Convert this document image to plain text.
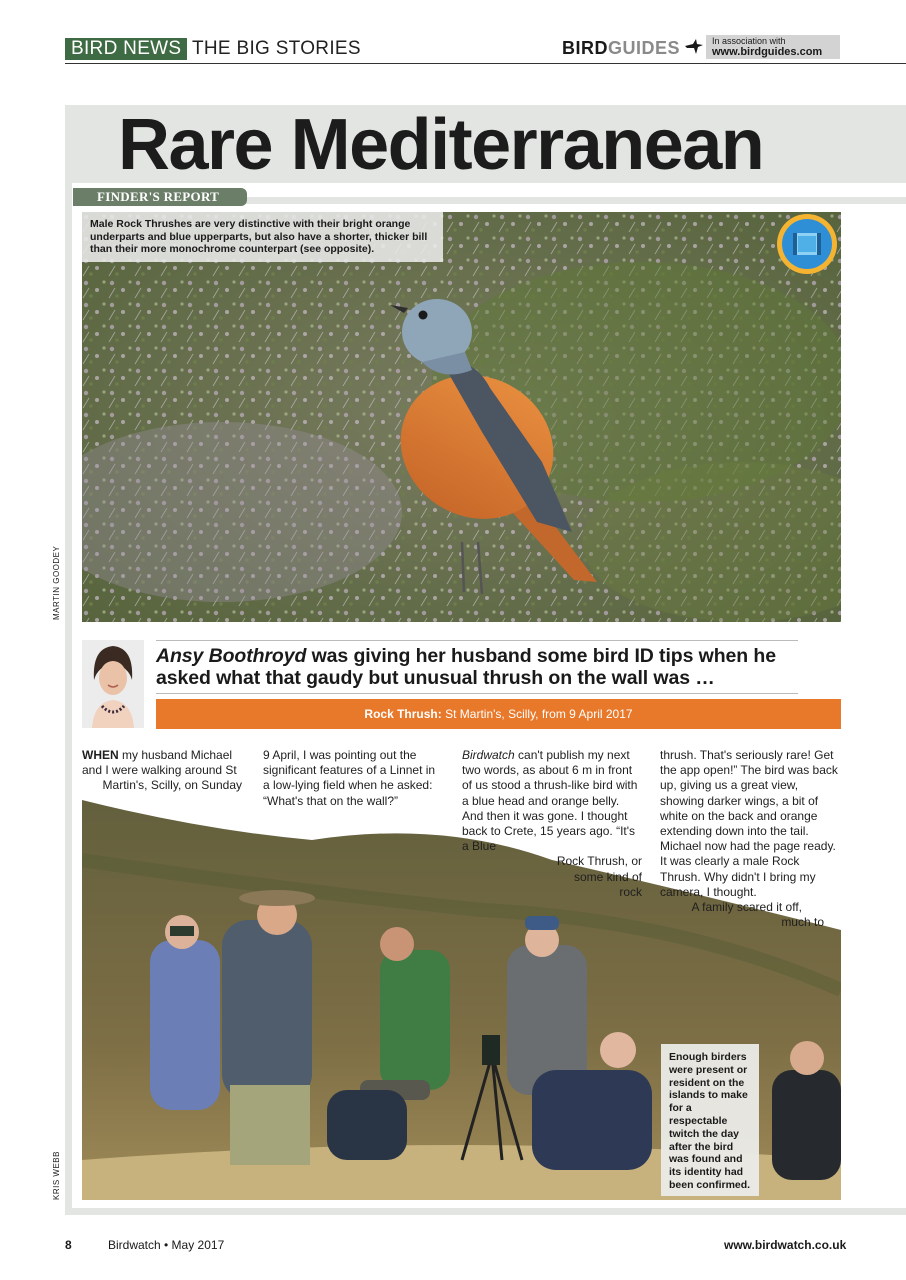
BIRD NEWS THE BIG STORIES	BIRDGUIDES	In association with
www.birdguides.com
Rare Mediterranean
FINDER'S REPORT
Male Rock Thrushes are very distinctive with their bright orange underparts and blue upperparts, but also have a shorter, thicker bill than their more monochrome counterpart (see opposite).
MARTIN GOODEY
Ansy Boothroyd was giving her husband some bird ID tips when he asked what that gaudy but unusual thrush on the wall was …
Rock Thrush: St Martin's, Scilly, from 9 April 2017
Enough birders were present or resident on the islands to make for a respectable twitch the day after the bird was found and its identity had been confirmed.
KRIS WEBB

WHEN my husband Michael and I were walking around St
Martin's, Scilly, on Sunday

9 April, I was pointing out the significant features of a Linnet in a low-lying field when he asked: “What's that on the wall?”

Birdwatch can't publish my next two words, as about 6 m in front of us stood a thrush-like bird with a blue head and orange belly. And then it was gone. I thought back to Crete, 15 years ago. “It's a Blue
Rock Thrush, or
some kind of
rock

thrush. That's seriously rare! Get the app open!” The bird was back up, giving us a great view, showing darker wings, a bit of white on the back and orange extending down into the tail. Michael now had the page ready. It was clearly a male Rock Thrush. Why didn't I bring my camera, I thought.

A family scared it off,
much to
8	Birdwatch • May 2017	www.birdwatch.co.uk
